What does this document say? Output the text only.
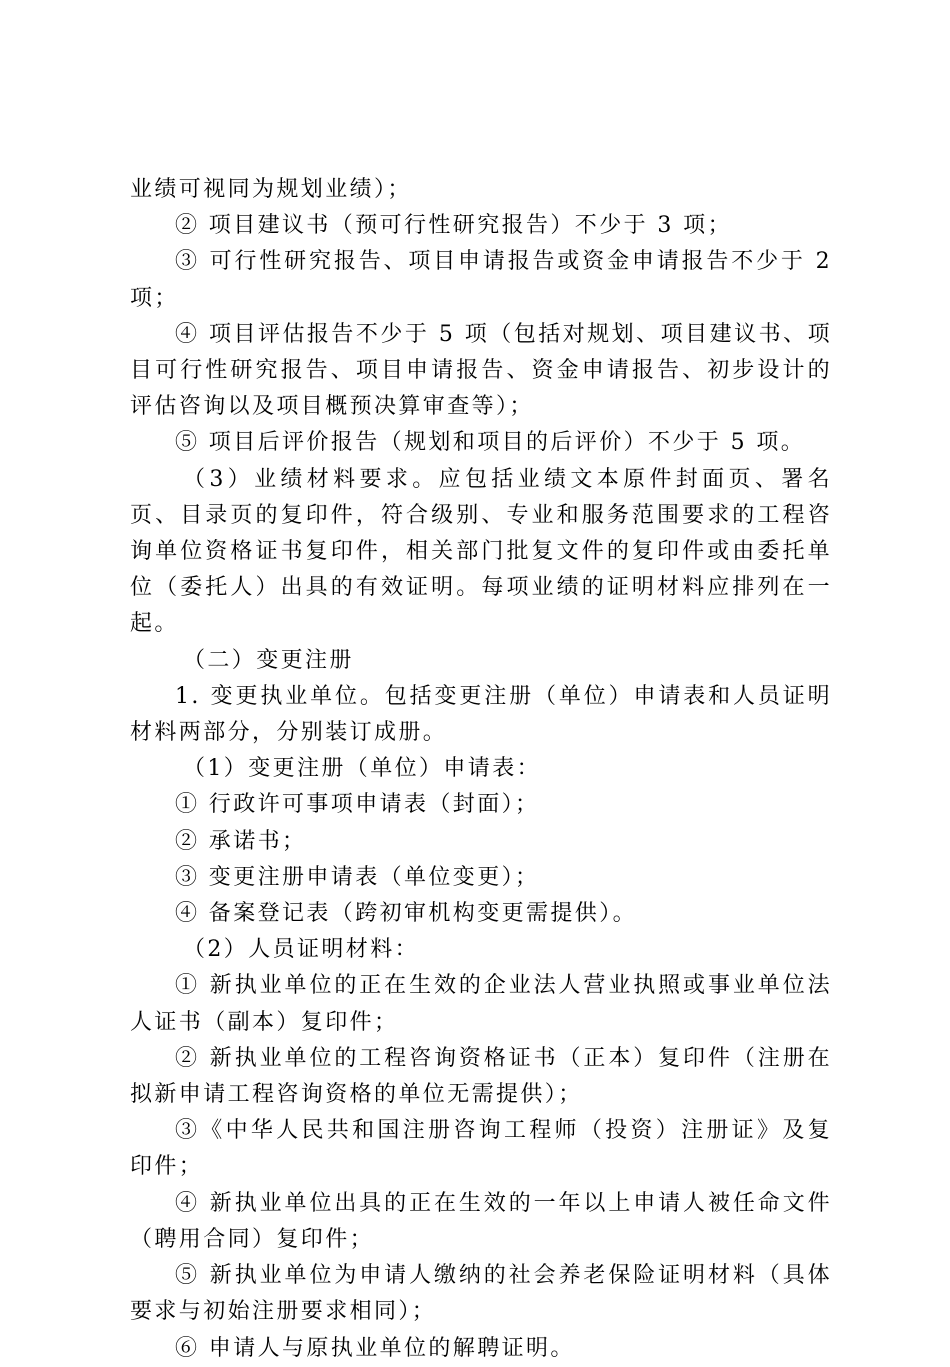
业绩可视同为规划业绩）；

② 项目建议书（预可行性研究报告）不少于 3 项；

③ 可行性研究报告、项目申请报告或资金申请报告不少于 2 项；

④ 项目评估报告不少于 5 项（包括对规划、项目建议书、项目可行性研究报告、项目申请报告、资金申请报告、初步设计的评估咨询以及项目概预决算审查等）；

⑤ 项目后评价报告（规划和项目的后评价）不少于 5 项。

（3）业绩材料要求。应包括业绩文本原件封面页、署名页、目录页的复印件，符合级别、专业和服务范围要求的工程咨询单位资格证书复印件，相关部门批复文件的复印件或由委托单位（委托人）出具的有效证明。每项业绩的证明材料应排列在一起。

（二）变更注册

1. 变更执业单位。包括变更注册（单位）申请表和人员证明材料两部分，分别装订成册。

（1）变更注册（单位）申请表：

① 行政许可事项申请表（封面）；

② 承诺书；

③ 变更注册申请表（单位变更）；

④ 备案登记表（跨初审机构变更需提供）。

（2）人员证明材料：

① 新执业单位的正在生效的企业法人营业执照或事业单位法人证书（副本）复印件；

② 新执业单位的工程咨询资格证书（正本）复印件（注册在拟新申请工程咨询资格的单位无需提供）；

③《中华人民共和国注册咨询工程师（投资）注册证》及复印件；

④ 新执业单位出具的正在生效的一年以上申请人被任命文件（聘用合同）复印件；

⑤ 新执业单位为申请人缴纳的社会养老保险证明材料（具体要求与初始注册要求相同）；

⑥ 申请人与原执业单位的解聘证明。
